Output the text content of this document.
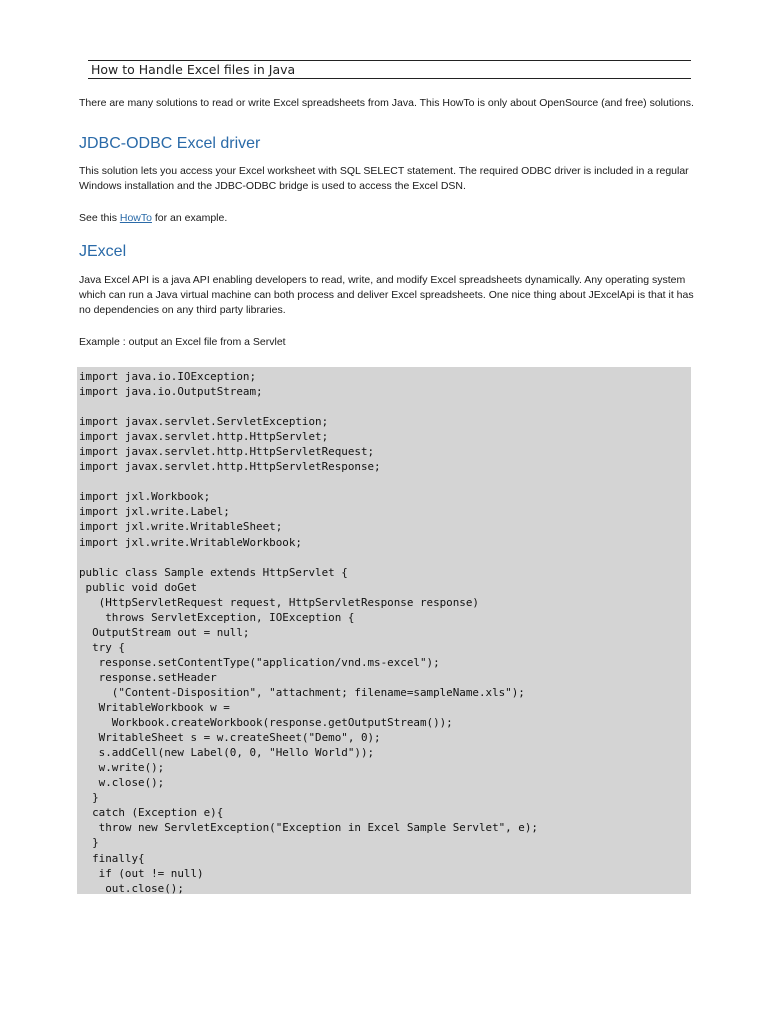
How to Handle Excel files in Java
There are many solutions to read or write Excel spreadsheets from Java. This HowTo is only about OpenSource (and free) solutions.
JDBC-ODBC Excel driver
This solution lets you access your Excel worksheet with SQL SELECT statement. The required ODBC driver is included in a regular Windows installation and the JDBC-ODBC bridge is used to access the Excel DSN.
See this HowTo for an example.
JExcel
Java Excel API is a java API enabling developers to read, write, and modify Excel spreadsheets dynamically. Any operating system which can run a Java virtual machine can both process and deliver Excel spreadsheets. One nice thing about JExcelApi is that it has no dependencies on any third party libraries.
Example : output an Excel file from a Servlet
import java.io.IOException;
import java.io.OutputStream;

import javax.servlet.ServletException;
import javax.servlet.http.HttpServlet;
import javax.servlet.http.HttpServletRequest;
import javax.servlet.http.HttpServletResponse;

import jxl.Workbook;
import jxl.write.Label;
import jxl.write.WritableSheet;
import jxl.write.WritableWorkbook;

public class Sample extends HttpServlet {
public void doGet
(HttpServletRequest request, HttpServletResponse response)
throws ServletException, IOException {
OutputStream out = null;
try {
response.setContentType("application/vnd.ms-excel");
response.setHeader
("Content-Disposition", "attachment; filename=sampleName.xls");
WritableWorkbook w =
Workbook.createWorkbook(response.getOutputStream());
WritableSheet s = w.createSheet("Demo", 0);
s.addCell(new Label(0, 0, "Hello World"));
w.write();
w.close();
}
catch (Exception e){
throw new ServletException("Exception in Excel Sample Servlet", e);
}
finally{
if (out != null)
out.close();
